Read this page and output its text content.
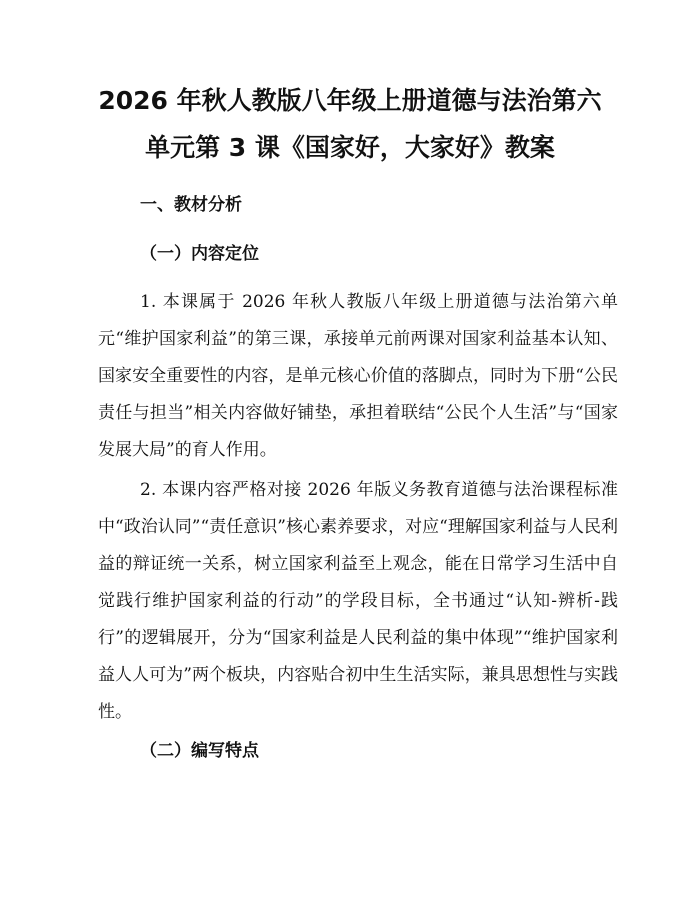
2026 年秋人教版八年级上册道德与法治第六
单元第 3 课《国家好，大家好》教案
一、教材分析
（一）内容定位

1. 本课属于 2026 年秋人教版八年级上册道德与法治第六单元“维护国家利益”的第三课，承接单元前两课对国家利益基本认知、国家安全重要性的内容，是单元核心价值的落脚点，同时为下册“公民责任与担当”相关内容做好铺垫，承担着联结“公民个人生活”与“国家发展大局”的育人作用。

2. 本课内容严格对接 2026 年版义务教育道德与法治课程标准中“政治认同”“责任意识”核心素养要求，对应“理解国家利益与人民利益的辩证统一关系，树立国家利益至上观念，能在日常学习生活中自觉践行维护国家利益的行动”的学段目标，全书通过“认知-辨析-践行”的逻辑展开，分为“国家利益是人民利益的集中体现”“维护国家利益人人可为”两个板块，内容贴合初中生生活实际，兼具思想性与实践性。

（二）编写特点
